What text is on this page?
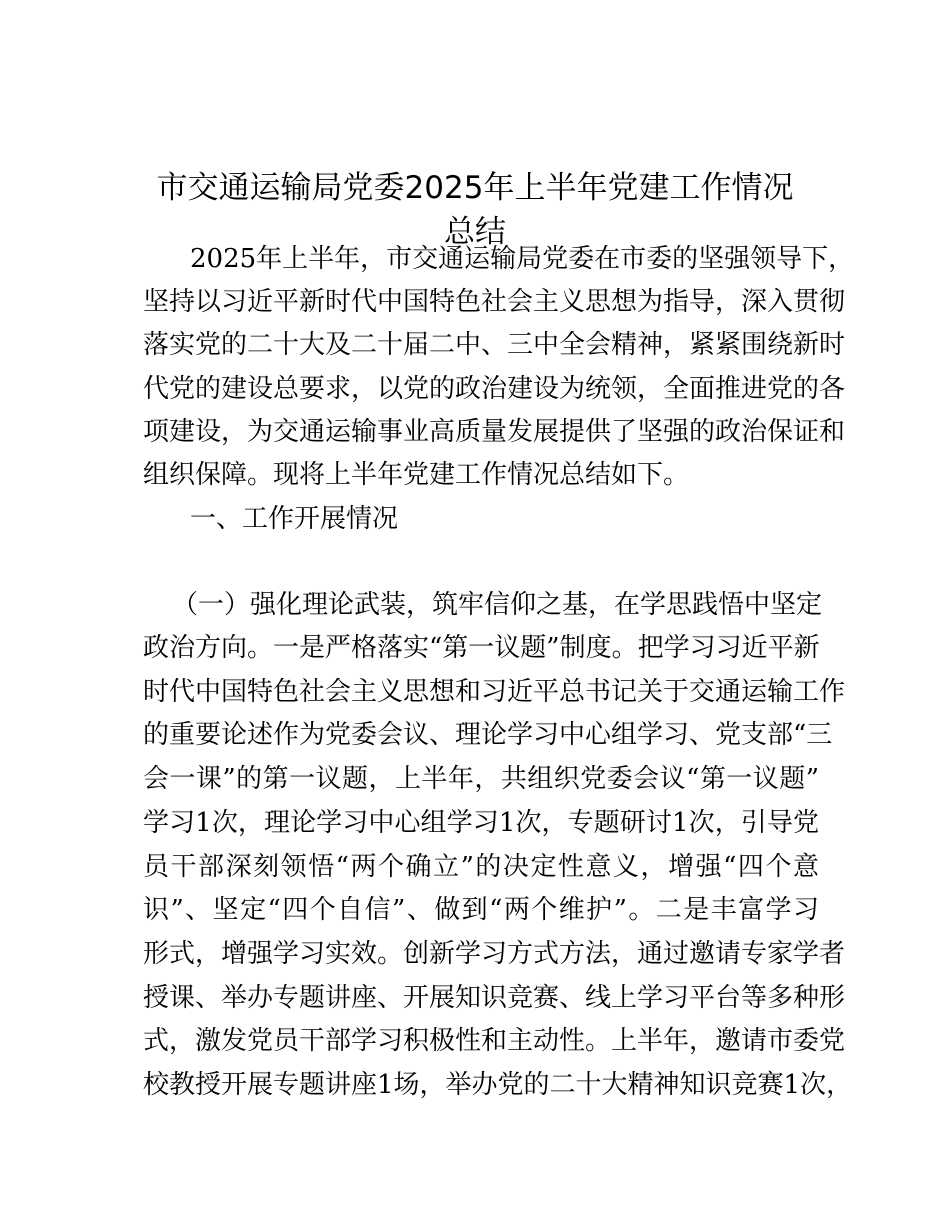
市交通运输局党委2025年上半年党建工作情况
总结
2025年上半年，市交通运输局党委在市委的坚强领导下，
坚持以习近平新时代中国特色社会主义思想为指导，深入贯彻
落实党的二十大及二十届二中、三中全会精神，紧紧围绕新时
代党的建设总要求，以党的政治建设为统领，全面推进党的各
项建设，为交通运输事业高质量发展提供了坚强的政治保证和
组织保障。现将上半年党建工作情况总结如下。
一、工作开展情况
（一）强化理论武装，筑牢信仰之基，在学思践悟中坚定
政治方向。一是严格落实“第一议题”制度。把学习习近平新
时代中国特色社会主义思想和习近平总书记关于交通运输工作
的重要论述作为党委会议、理论学习中心组学习、党支部“三
会一课”的第一议题，上半年，共组织党委会议“第一议题”
学习1次，理论学习中心组学习1次，专题研讨1次，引导党
员干部深刻领悟“两个确立”的决定性意义，增强“四个意
识”、坚定“四个自信”、做到“两个维护”。二是丰富学习
形式，增强学习实效。创新学习方式方法，通过邀请专家学者
授课、举办专题讲座、开展知识竞赛、线上学习平台等多种形
式，激发党员干部学习积极性和主动性。上半年，邀请市委党
校教授开展专题讲座1场，举办党的二十大精神知识竞赛1次，
